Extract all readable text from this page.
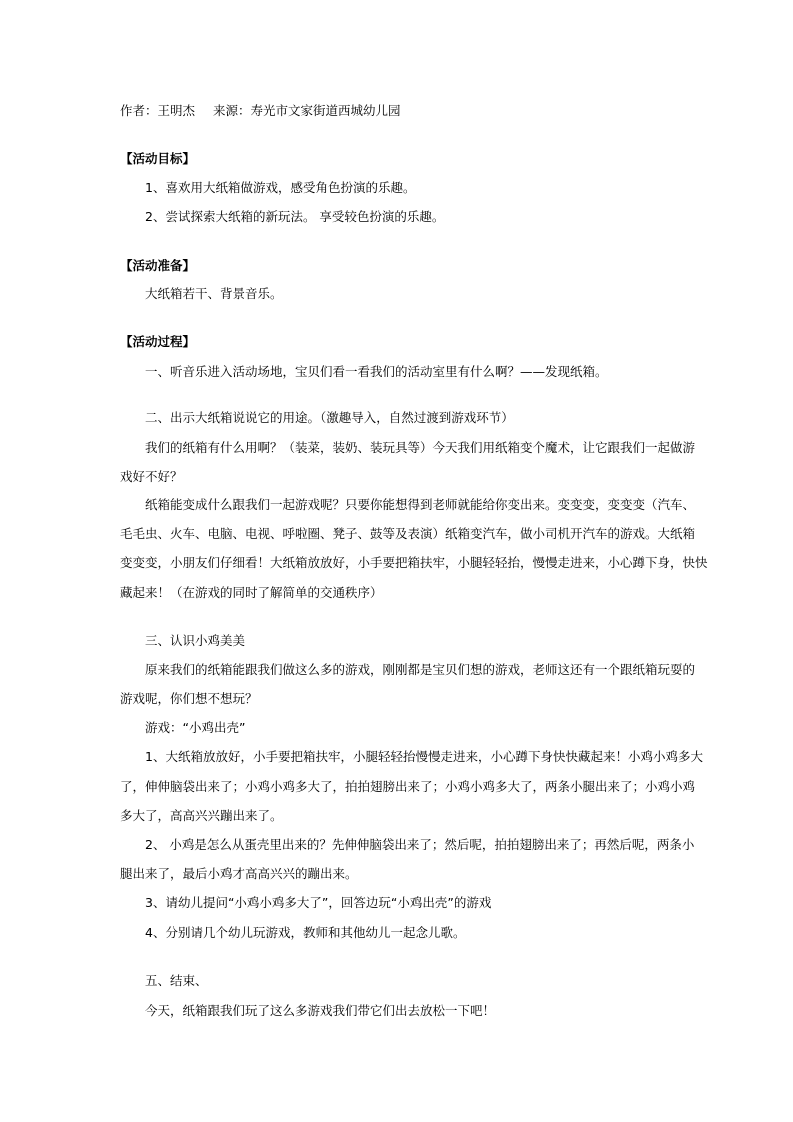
作者：王明杰 来源：寿光市文家街道西城幼儿园
【活动目标】
1、喜欢用大纸箱做游戏，感受角色扮演的乐趣。
2、尝试探索大纸箱的新玩法。 享受较色扮演的乐趣。
【活动准备】
大纸箱若干、背景音乐。
【活动过程】
一、听音乐进入活动场地，宝贝们看一看我们的活动室里有什么啊？——发现纸箱。
二、出示大纸箱说说它的用途。（激趣导入，自然过渡到游戏环节）
我们的纸箱有什么用啊？（装菜，装奶、装玩具等）今天我们用纸箱变个魔术，让它跟我们一起做游
戏好不好？
纸箱能变成什么跟我们一起游戏呢？只要你能想得到老师就能给你变出来。变变变，变变变（汽车、
毛毛虫、火车、电脑、电视、呼啦圈、凳子、鼓等及表演）纸箱变汽车，做小司机开汽车的游戏。大纸箱
变变变，小朋友们仔细看！大纸箱放放好，小手要把箱扶牢，小腿轻轻抬，慢慢走进来，小心蹲下身，快快
藏起来！（在游戏的同时了解简单的交通秩序）
三、认识小鸡美美
原来我们的纸箱能跟我们做这么多的游戏，刚刚都是宝贝们想的游戏，老师这还有一个跟纸箱玩耍的
游戏呢，你们想不想玩？
游戏：“小鸡出壳”
1、大纸箱放放好，小手要把箱扶牢，小腿轻轻抬慢慢走进来，小心蹲下身快快藏起来！小鸡小鸡多大
了，伸伸脑袋出来了；小鸡小鸡多大了，拍拍翅膀出来了；小鸡小鸡多大了，两条小腿出来了；小鸡小鸡
多大了，高高兴兴蹦出来了。
2、 小鸡是怎么从蛋壳里出来的？先伸伸脑袋出来了；然后呢，拍拍翅膀出来了；再然后呢，两条小
腿出来了，最后小鸡才高高兴兴的蹦出来。
3、请幼儿提问“小鸡小鸡多大了”，回答边玩“小鸡出壳”的游戏
4、分别请几个幼儿玩游戏，教师和其他幼儿一起念儿歌。
五、结束、
今天，纸箱跟我们玩了这么多游戏我们带它们出去放松一下吧！
